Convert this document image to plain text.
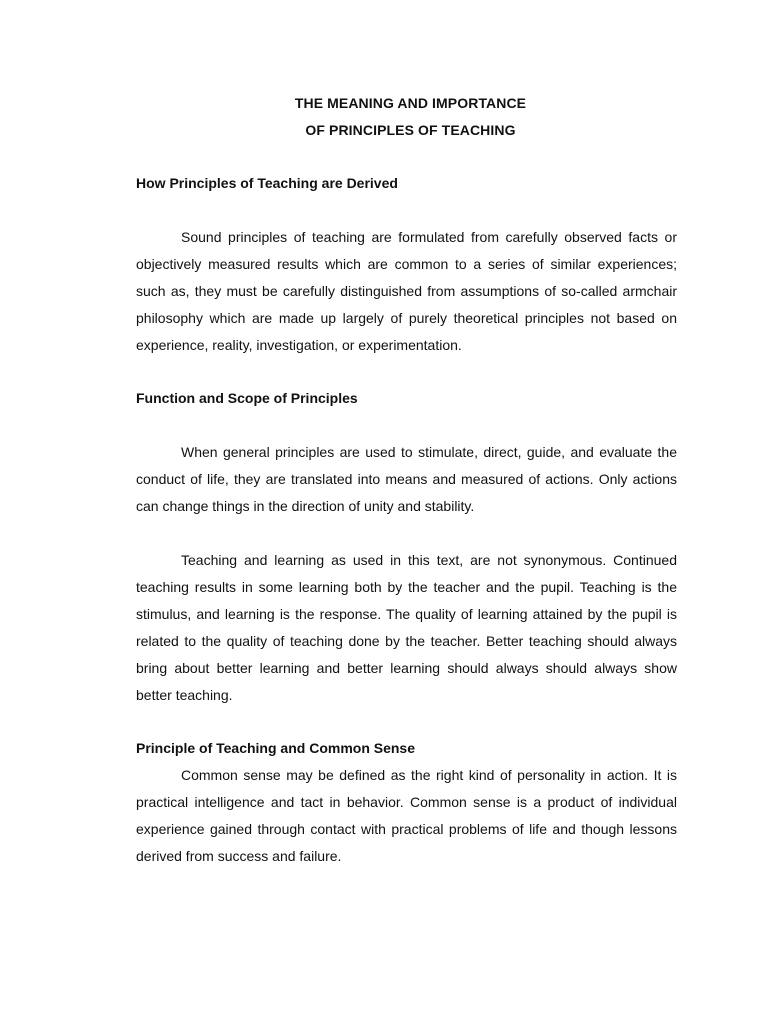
THE MEANING AND IMPORTANCE
OF PRINCIPLES OF TEACHING

How Principles of Teaching are Derived

Sound principles of teaching are formulated from carefully observed facts or objectively measured results which are common to a series of similar experiences; such as, they must be carefully distinguished from assumptions of so-called armchair philosophy which are made up largely of purely theoretical principles not based on experience, reality, investigation, or experimentation.

Function and Scope of Principles

When general principles are used to stimulate, direct, guide, and evaluate the conduct of life, they are translated into means and measured of actions. Only actions can change things in the direction of unity and stability.

Teaching and learning as used in this text, are not synonymous. Continued teaching results in some learning both by the teacher and the pupil. Teaching is the stimulus, and learning is the response. The quality of learning attained by the pupil is related to the quality of teaching done by the teacher. Better teaching should always bring about better learning and better learning should always should always show better teaching.

Principle of Teaching and Common Sense

Common sense may be defined as the right kind of personality in action. It is practical intelligence and tact in behavior. Common sense is a product of individual experience gained through contact with practical problems of life and though lessons derived from success and failure.
